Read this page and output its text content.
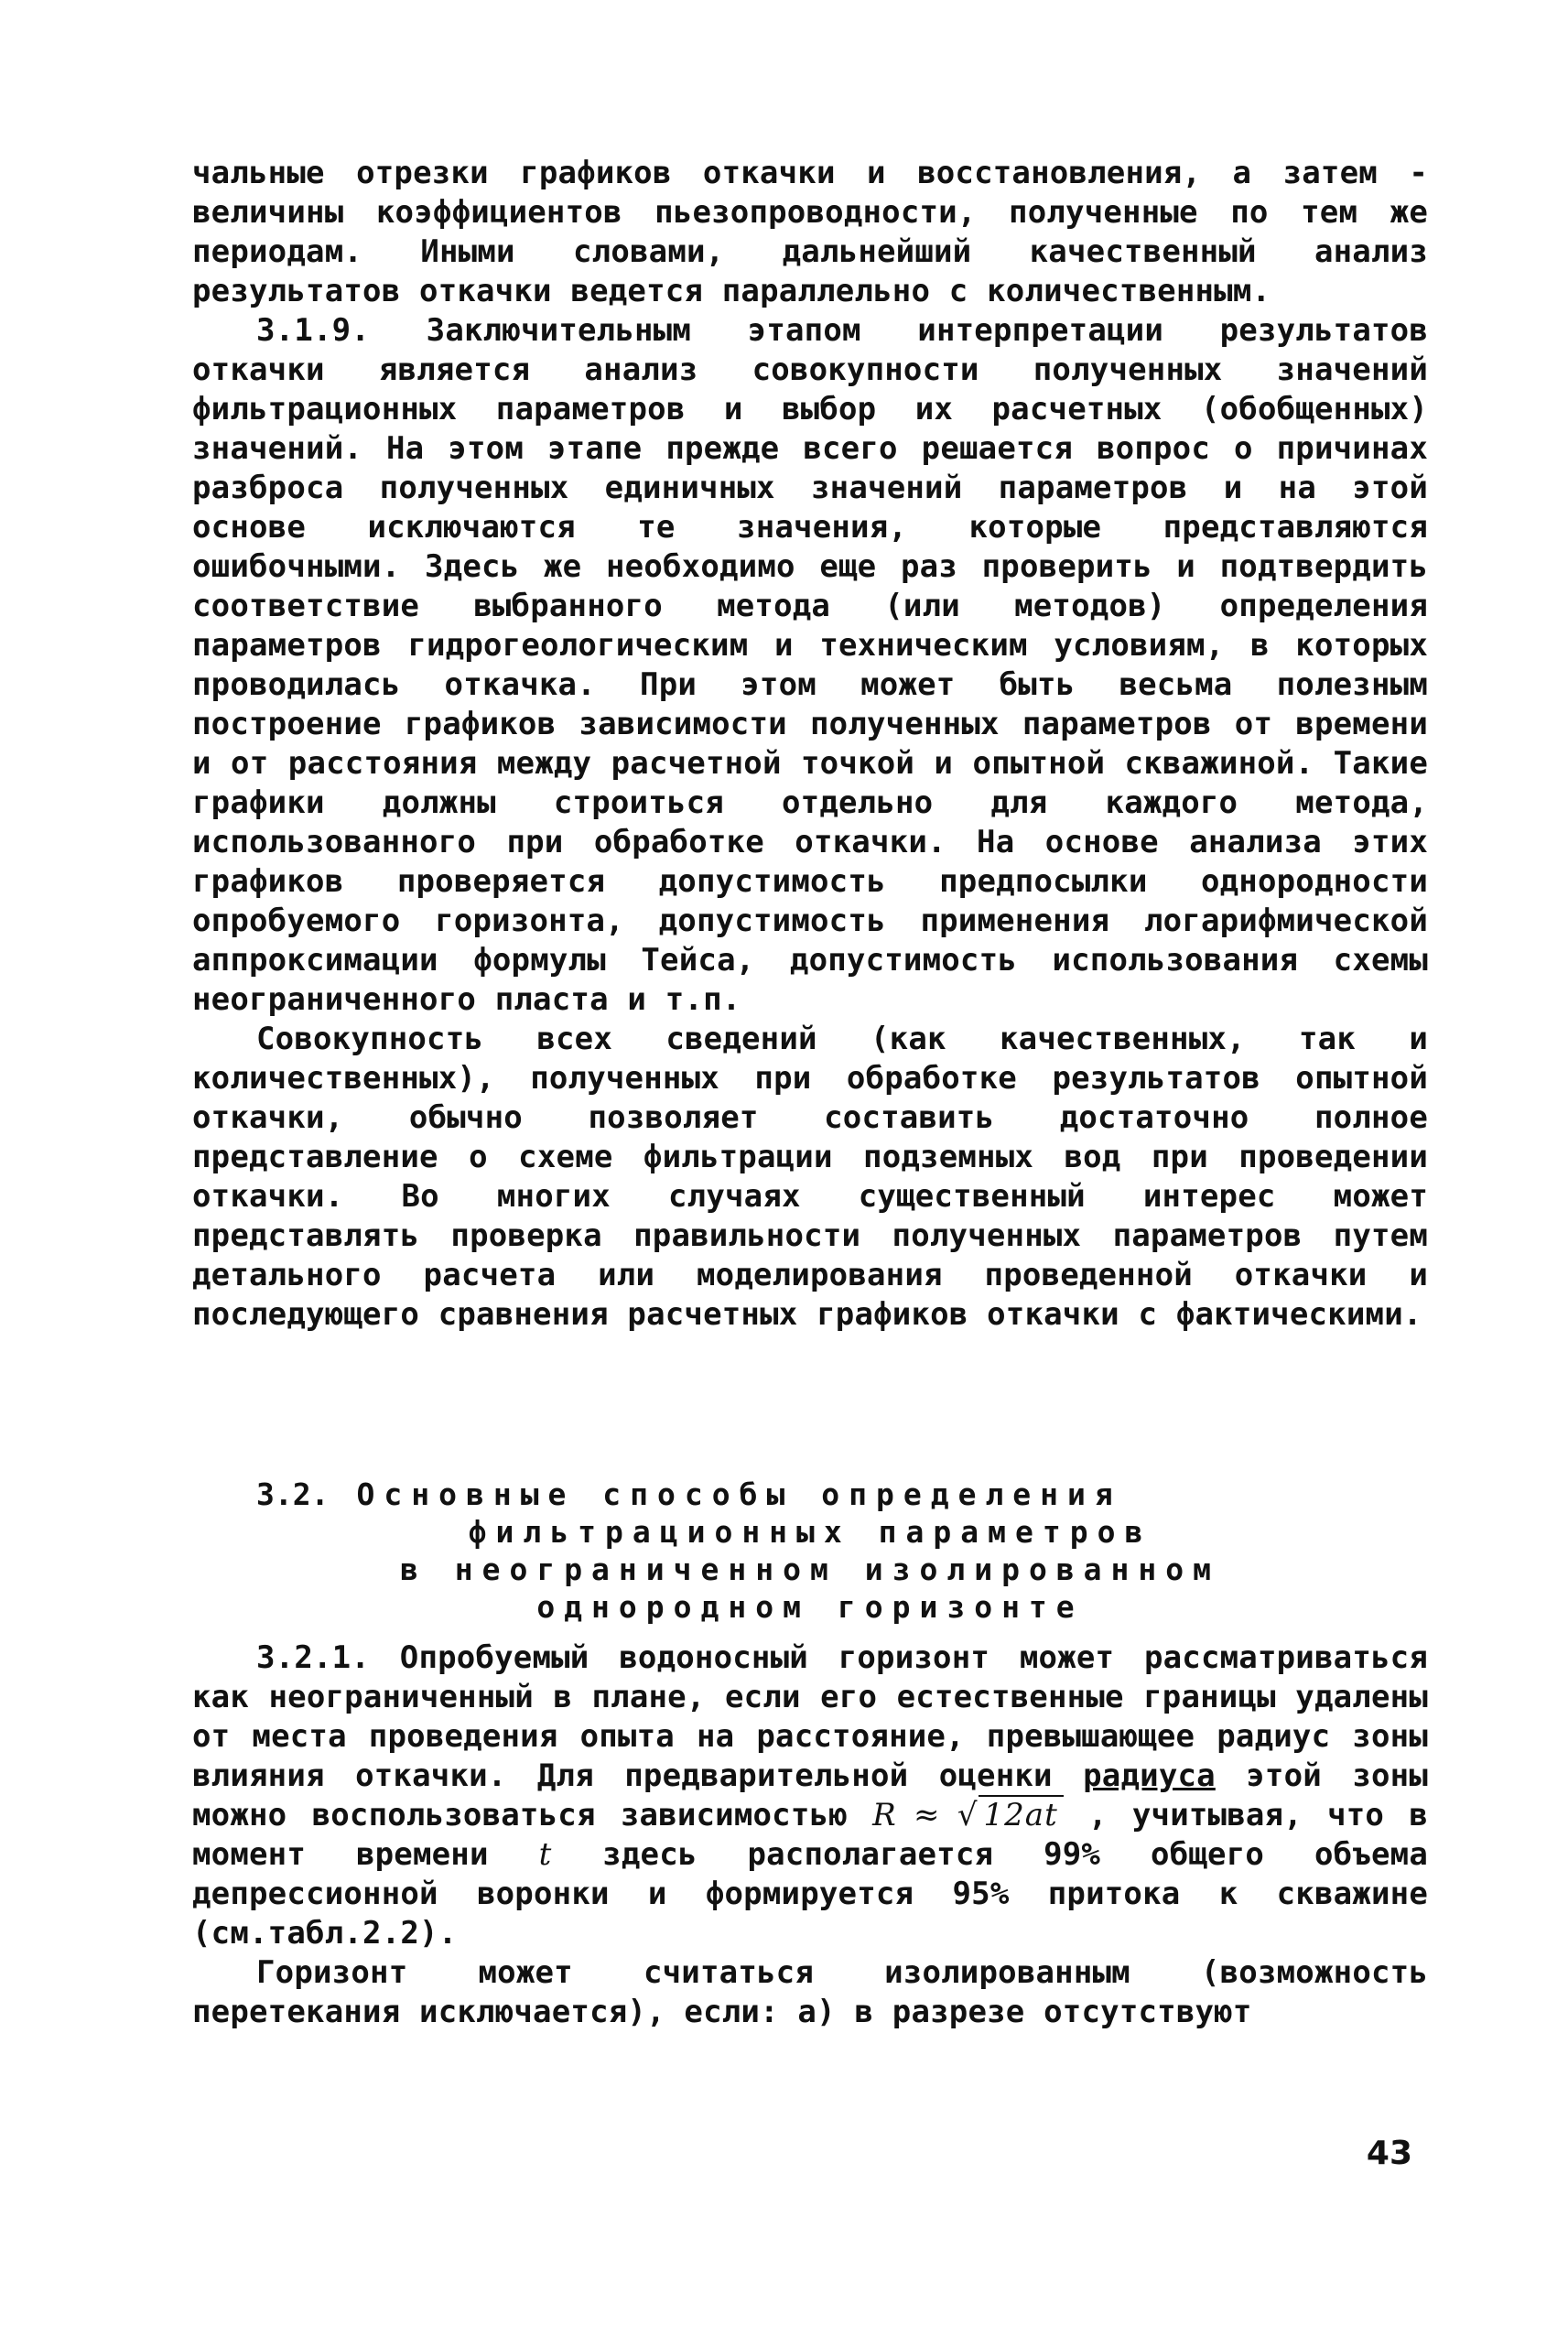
чальные отрезки графиков откачки и восстановления, а затем - величины коэффициентов пьезопроводности, полученные по тем же периодам. Иными словами, дальнейший качественный анализ результатов откачки ведется параллельно с количественным.

3.1.9. Заключительным этапом интерпретации результатов откачки является анализ совокупности полученных значений фильтрационных параметров и выбор их расчетных (обобщенных) значений. На этом этапе прежде всего решается вопрос о причинах разброса полученных единичных значений параметров и на этой основе исключаются те значения, которые представляются ошибочными. Здесь же необходимо еще раз проверить и подтвердить соответствие выбранного метода (или методов) определения параметров гидрогеологическим и техническим условиям, в которых проводилась откачка. При этом может быть весьма полезным построение графиков зависимости полученных параметров от времени и от расстояния между расчетной точкой и опытной скважиной. Такие графики должны строиться отдельно для каждого метода, использованного при обработке откачки. На основе анализа этих графиков проверяется допустимость предпосылки однородности опробуемого горизонта, допустимость применения логарифмической аппроксимации формулы Тейса, допустимость использования схемы неограниченного пласта и т.п.

Совокупность всех сведений (как качественных, так и количественных), полученных при обработке результатов опытной откачки, обычно позволяет составить достаточно полное представление о схеме фильтрации подземных вод при проведении откачки. Во многих случаях существенный интерес может представлять проверка правильности полученных параметров путем детального расчета или моделирования проведенной откачки и последующего сравнения расчетных графиков откачки с фактическими.

3.2. Основные способы определения
фильтрационных параметров
в неограниченном изолированном
однородном горизонте

3.2.1. Опробуемый водоносный горизонт может рассматриваться как неограниченный в плане, если его естественные границы удалены от места проведения опыта на расстояние, превышающее радиус зоны влияния откачки. Для предварительной оценки радиуса этой зоны можно воспользоваться зависимостью R ≈ √ 12at , учитывая, что в момент времени t здесь располагается 99% общего объема депрессионной воронки и формируется 95% притока к скважине (см.табл.2.2).

Горизонт может считаться изолированным (возможность перетекания исключается), если: а) в разрезе отсутствуют

43
